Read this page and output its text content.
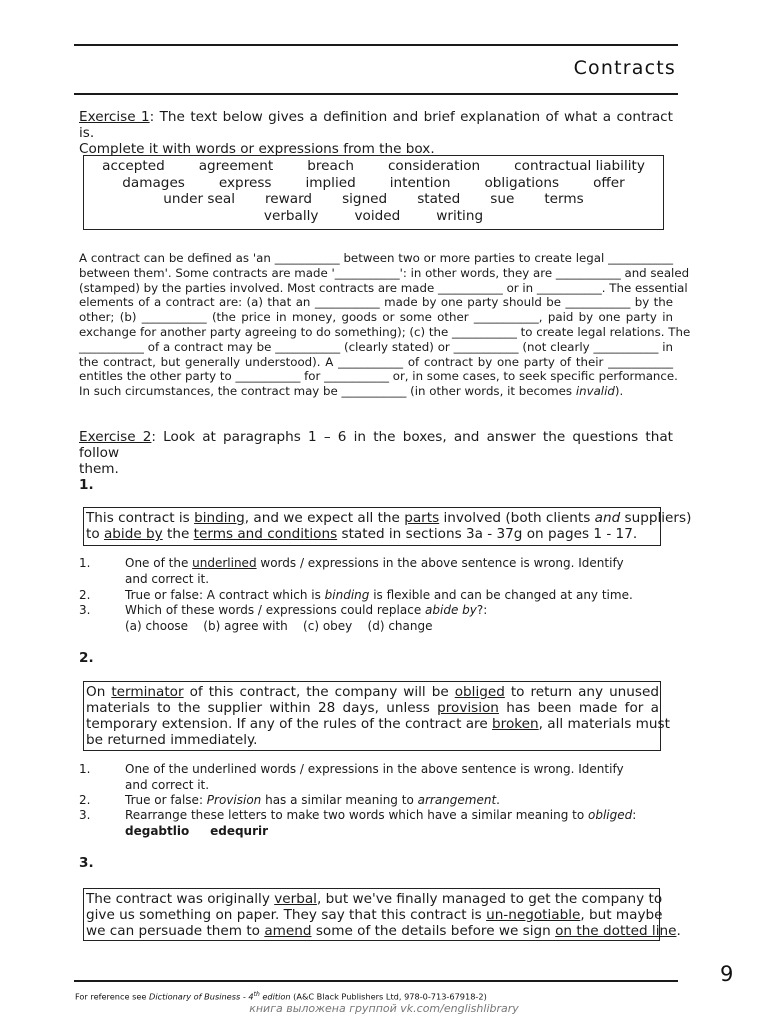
Contracts
Exercise 1: The text below gives a definition and brief explanation of what a contract is.
Complete it with words or expressions from the box.
accepted	agreement	breach	consideration	contractual liability
damages	express	implied	intention	obligations	offer
under seal reward signed stated sue terms
verbally	voided	writing
A contract can be defined as 'an ___________ between two or more parties to create legal ___________
between them'. Some contracts are made '___________': in other words, they are ___________ and sealed
(stamped) by the parties involved. Most contracts are made ___________ or in ___________. The essential
elements of a contract are: (a) that an ___________ made by one party should be ___________ by the
other; (b) ___________ (the price in money, goods or some other ___________, paid by one party in
exchange for another party agreeing to do something); (c) the ___________ to create legal relations. The
___________ of a contract may be ___________ (clearly stated) or ___________ (not clearly ___________ in
the contract, but generally understood). A ___________ of contract by one party of their ___________
entitles the other party to ___________ for ___________ or, in some cases, to seek specific performance.
In such circumstances, the contract may be ___________ (in other words, it becomes invalid).
Exercise 2: Look at paragraphs 1 – 6 in the boxes, and answer the questions that follow
them.
1.
This contract is binding, and we expect all the parts involved (both clients and suppliers)
to abide by the terms and conditions stated in sections 3a - 37g on pages 1 - 17.
1.	One of the underlined words / expressions in the above sentence is wrong. Identify
and correct it.
2.	True or false: A contract which is binding is flexible and can be changed at any time.
3.	Which of these words / expressions could replace abide by?:
(a) choose    (b) agree with    (c) obey    (d) change
2.
On terminator of this contract, the company will be obliged to return any unused
materials to the supplier within 28 days, unless provision has been made for a
temporary extension. If any of the rules of the contract are broken, all materials must
be returned immediately.
1.	One of the underlined words / expressions in the above sentence is wrong. Identify
and correct it.
2.	True or false: Provision has a similar meaning to arrangement.
3.	Rearrange these letters to make two words which have a similar meaning to obliged:
degabtlio     edequrir
3.
The contract was originally verbal, but we've finally managed to get the company to
give us something on paper. They say that this contract is un-negotiable, but maybe
we can persuade them to amend some of the details before we sign on the dotted line.
9
For reference see Dictionary of Business - 4th edition (A&C Black Publishers Ltd, 978-0-713-67918-2)
книга выложена группой vk.com/englishlibrary
